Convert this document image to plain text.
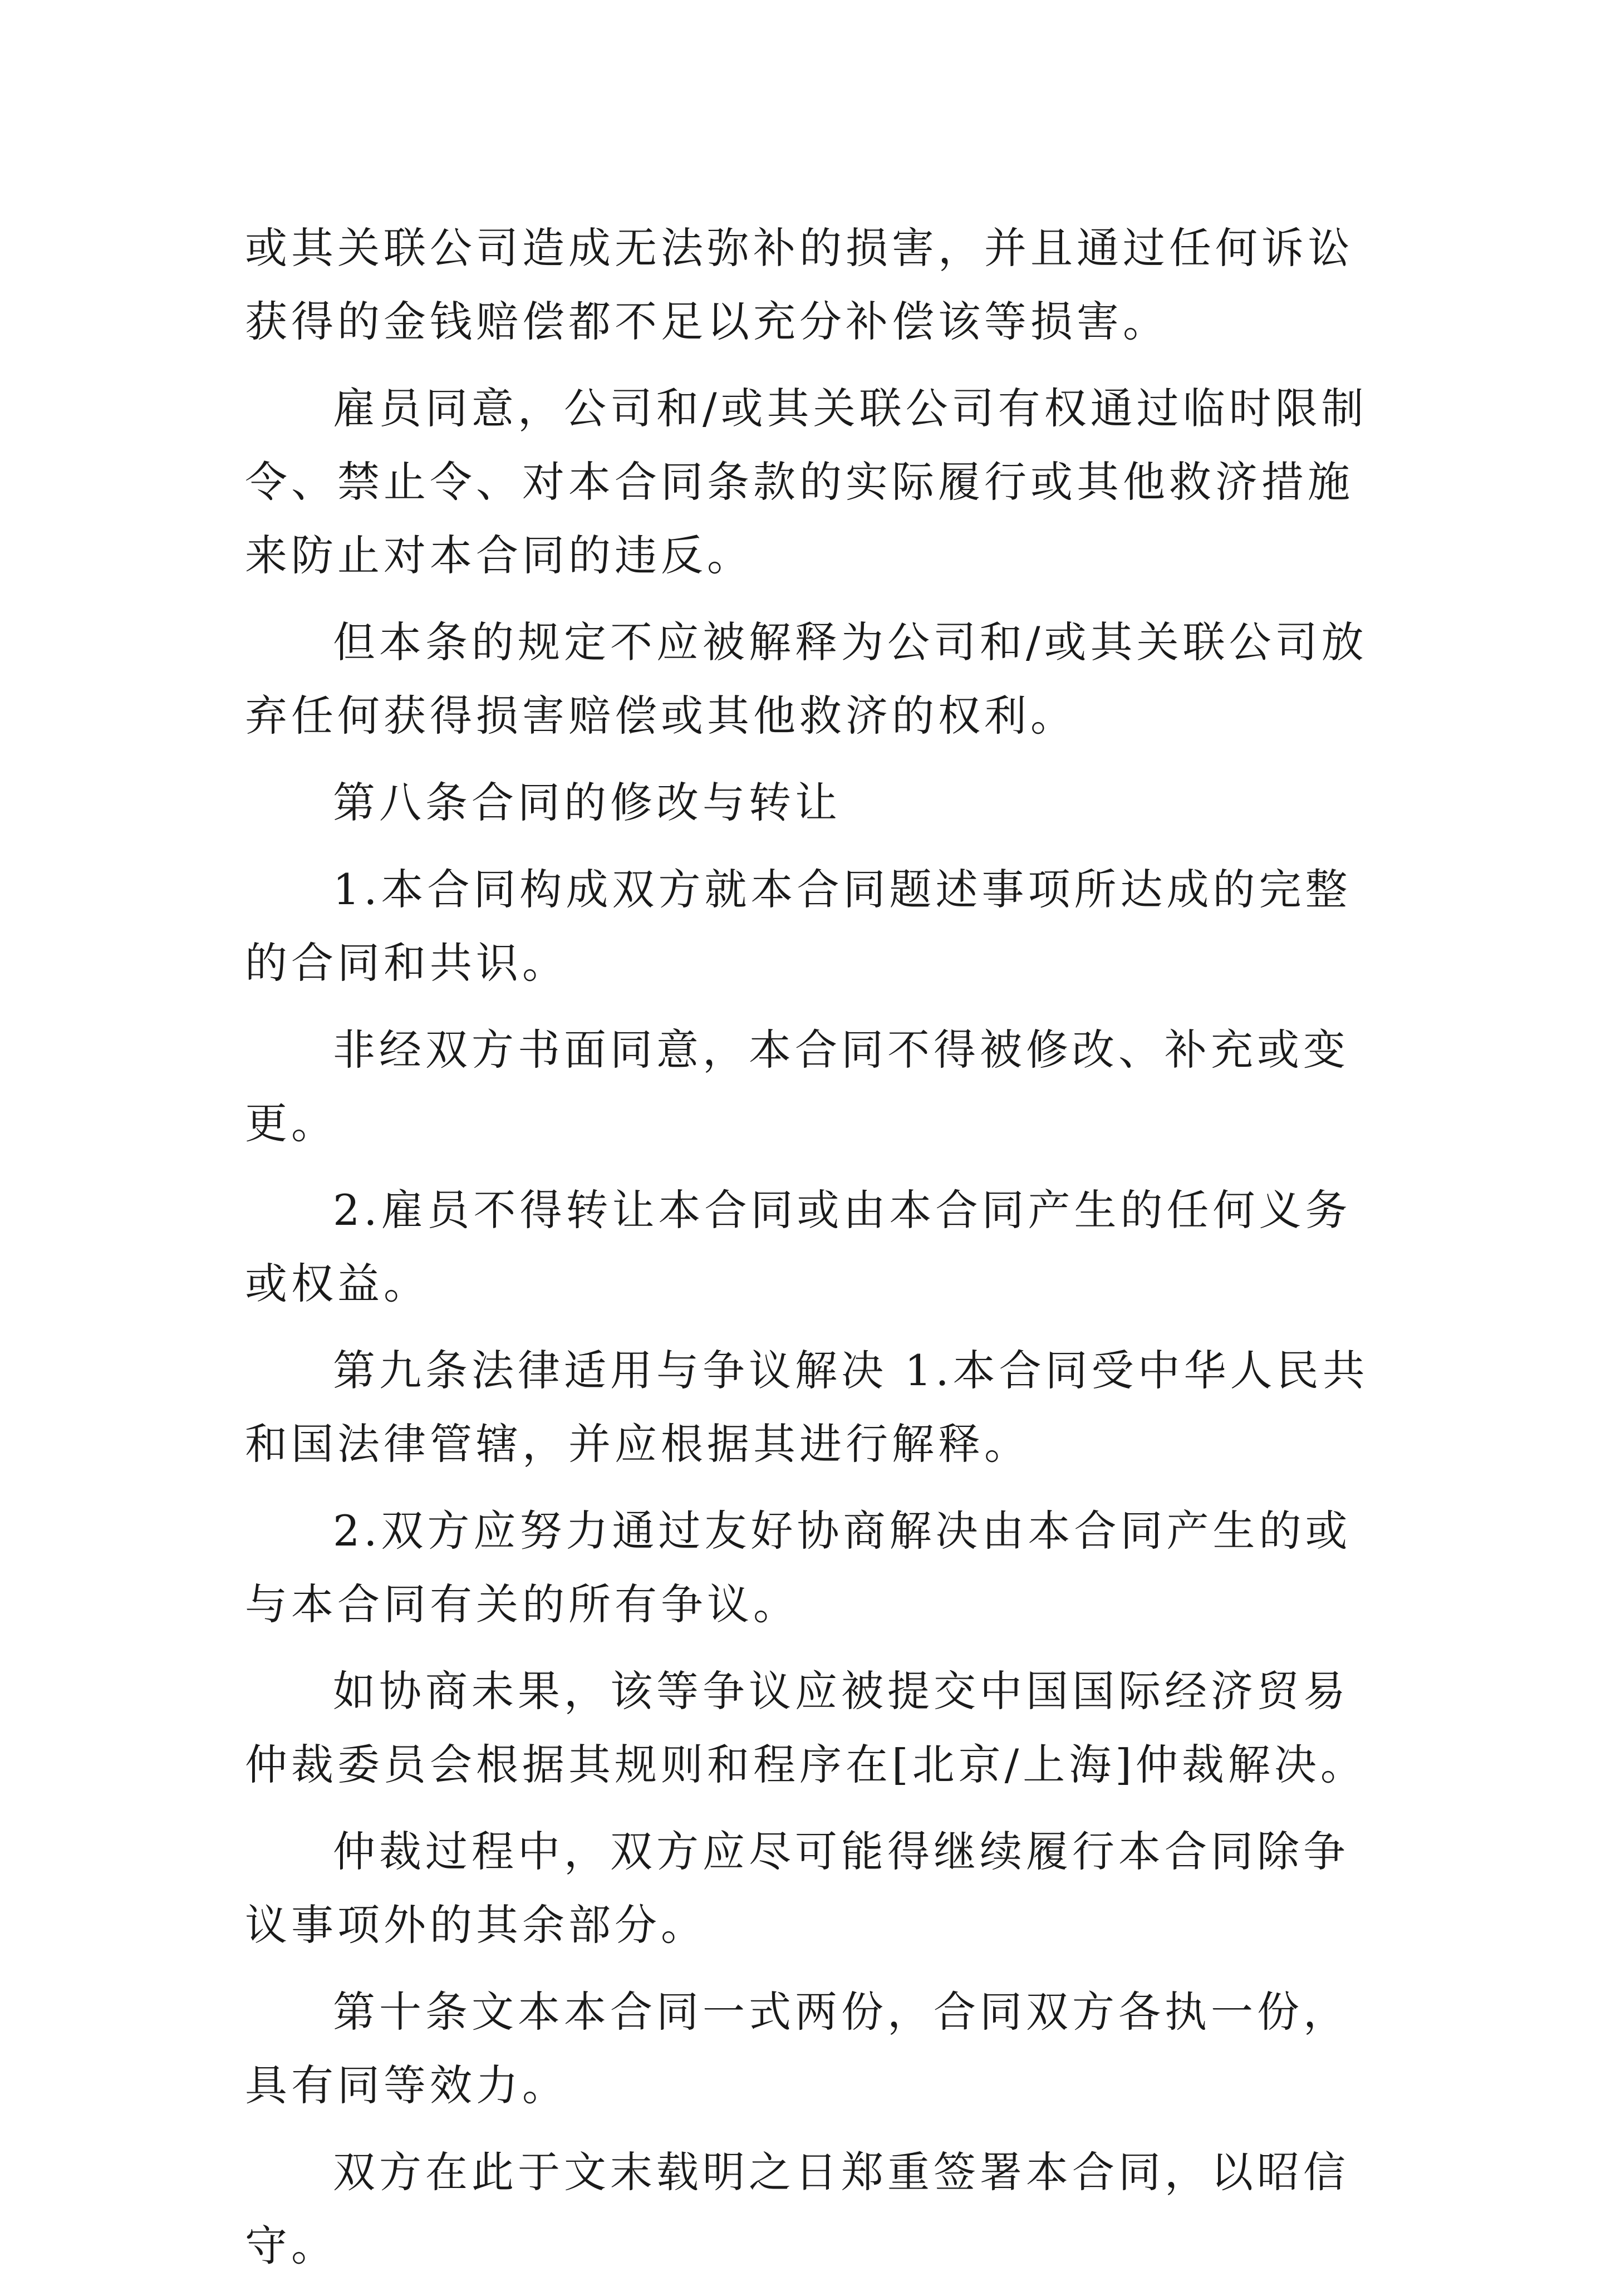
或其关联公司造成无法弥补的损害，并且通过任何诉讼获得的金钱赔偿都不足以充分补偿该等损害。

雇员同意，公司和/或其关联公司有权通过临时限制令、禁止令、对本合同条款的实际履行或其他救济措施来防止对本合同的违反。

但本条的规定不应被解释为公司和/或其关联公司放弃任何获得损害赔偿或其他救济的权利。

第八条合同的修改与转让

1.本合同构成双方就本合同题述事项所达成的完整的合同和共识。

非经双方书面同意，本合同不得被修改、补充或变更。

2.雇员不得转让本合同或由本合同产生的任何义务或权益。

第九条法律适用与争议解决 1.本合同受中华人民共和国法律管辖，并应根据其进行解释。

2.双方应努力通过友好协商解决由本合同产生的或与本合同有关的所有争议。

如协商未果，该等争议应被提交中国国际经济贸易仲裁委员会根据其规则和程序在[北京/上海]仲裁解决。

仲裁过程中，双方应尽可能得继续履行本合同除争议事项外的其余部分。

第十条文本本合同一式两份，合同双方各执一份，具有同等效力。

双方在此于文末载明之日郑重签署本合同，以昭信守。
